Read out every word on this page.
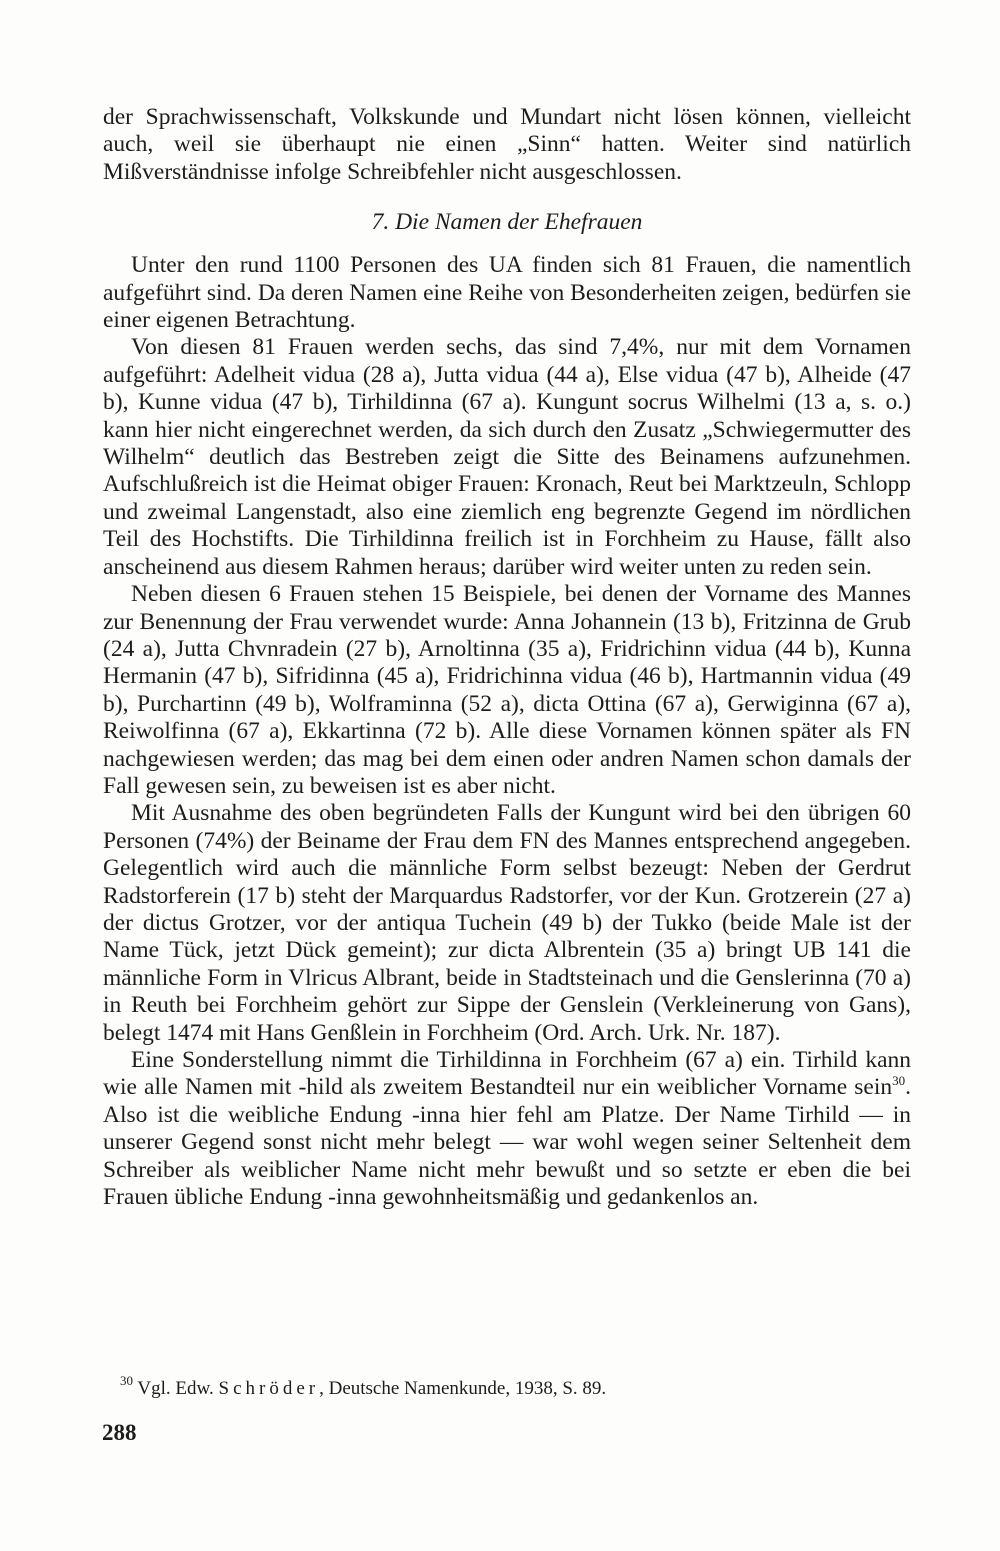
der Sprachwissenschaft, Volkskunde und Mundart nicht lösen können, vielleicht auch, weil sie überhaupt nie einen „Sinn“ hatten. Weiter sind natürlich Mißverständnisse infolge Schreibfehler nicht ausgeschlossen.

7. Die Namen der Ehefrauen

Unter den rund 1100 Personen des UA finden sich 81 Frauen, die namentlich aufgeführt sind. Da deren Namen eine Reihe von Besonderheiten zeigen, bedürfen sie einer eigenen Betrachtung.

Von diesen 81 Frauen werden sechs, das sind 7,4%, nur mit dem Vornamen aufgeführt: Adelheit vidua (28 a), Jutta vidua (44 a), Else vidua (47 b), Alheide (47 b), Kunne vidua (47 b), Tirhildinna (67 a). Kungunt socrus Wilhelmi (13 a, s. o.) kann hier nicht eingerechnet werden, da sich durch den Zusatz „Schwiegermutter des Wilhelm“ deutlich das Bestreben zeigt die Sitte des Beinamens aufzunehmen. Aufschlußreich ist die Heimat obiger Frauen: Kronach, Reut bei Marktzeuln, Schlopp und zweimal Langenstadt, also eine ziemlich eng begrenzte Gegend im nördlichen Teil des Hochstifts. Die Tirhildinna freilich ist in Forchheim zu Hause, fällt also anscheinend aus diesem Rahmen heraus; darüber wird weiter unten zu reden sein.

Neben diesen 6 Frauen stehen 15 Beispiele, bei denen der Vorname des Mannes zur Benennung der Frau verwendet wurde: Anna Johannein (13 b), Fritzinna de Grub (24 a), Jutta Chvnradein (27 b), Arnoltinna (35 a), Fridrichinn vidua (44 b), Kunna Hermanin (47 b), Sifridinna (45 a), Fridrichinna vidua (46 b), Hartmannin vidua (49 b), Purchartinn (49 b), Wolframinna (52 a), dicta Ottina (67 a), Gerwiginna (67 a), Reiwolfinna (67 a), Ekkartinna (72 b). Alle diese Vornamen können später als FN nachgewiesen werden; das mag bei dem einen oder andren Namen schon damals der Fall gewesen sein, zu beweisen ist es aber nicht.

Mit Ausnahme des oben begründeten Falls der Kungunt wird bei den übrigen 60 Personen (74%) der Beiname der Frau dem FN des Mannes entsprechend angegeben. Gelegentlich wird auch die männliche Form selbst bezeugt: Neben der Gerdrut Radstorferein (17 b) steht der Marquardus Radstorfer, vor der Kun. Grotzerein (27 a) der dictus Grotzer, vor der antiqua Tuchein (49 b) der Tukko (beide Male ist der Name Tück, jetzt Dück gemeint); zur dicta Albrentein (35 a) bringt UB 141 die männliche Form in Vlricus Albrant, beide in Stadtsteinach und die Genslerinna (70 a) in Reuth bei Forchheim gehört zur Sippe der Genslein (Verkleinerung von Gans), belegt 1474 mit Hans Genßlein in Forchheim (Ord. Arch. Urk. Nr. 187).

Eine Sonderstellung nimmt die Tirhildinna in Forchheim (67 a) ein. Tirhild kann wie alle Namen mit -hild als zweitem Bestandteil nur ein weiblicher Vorname sein$^{30}$. Also ist die weibliche Endung -inna hier fehl am Platze. Der Name Tirhild — in unserer Gegend sonst nicht mehr belegt — war wohl wegen seiner Seltenheit dem Schreiber als weiblicher Name nicht mehr bewußt und so setzte er eben die bei Frauen übliche Endung -inna gewohnheitsmäßig und gedankenlos an.

$^{30}$ Vgl. Edw. Schröder, Deutsche Namenkunde, 1938, S. 89.
288
